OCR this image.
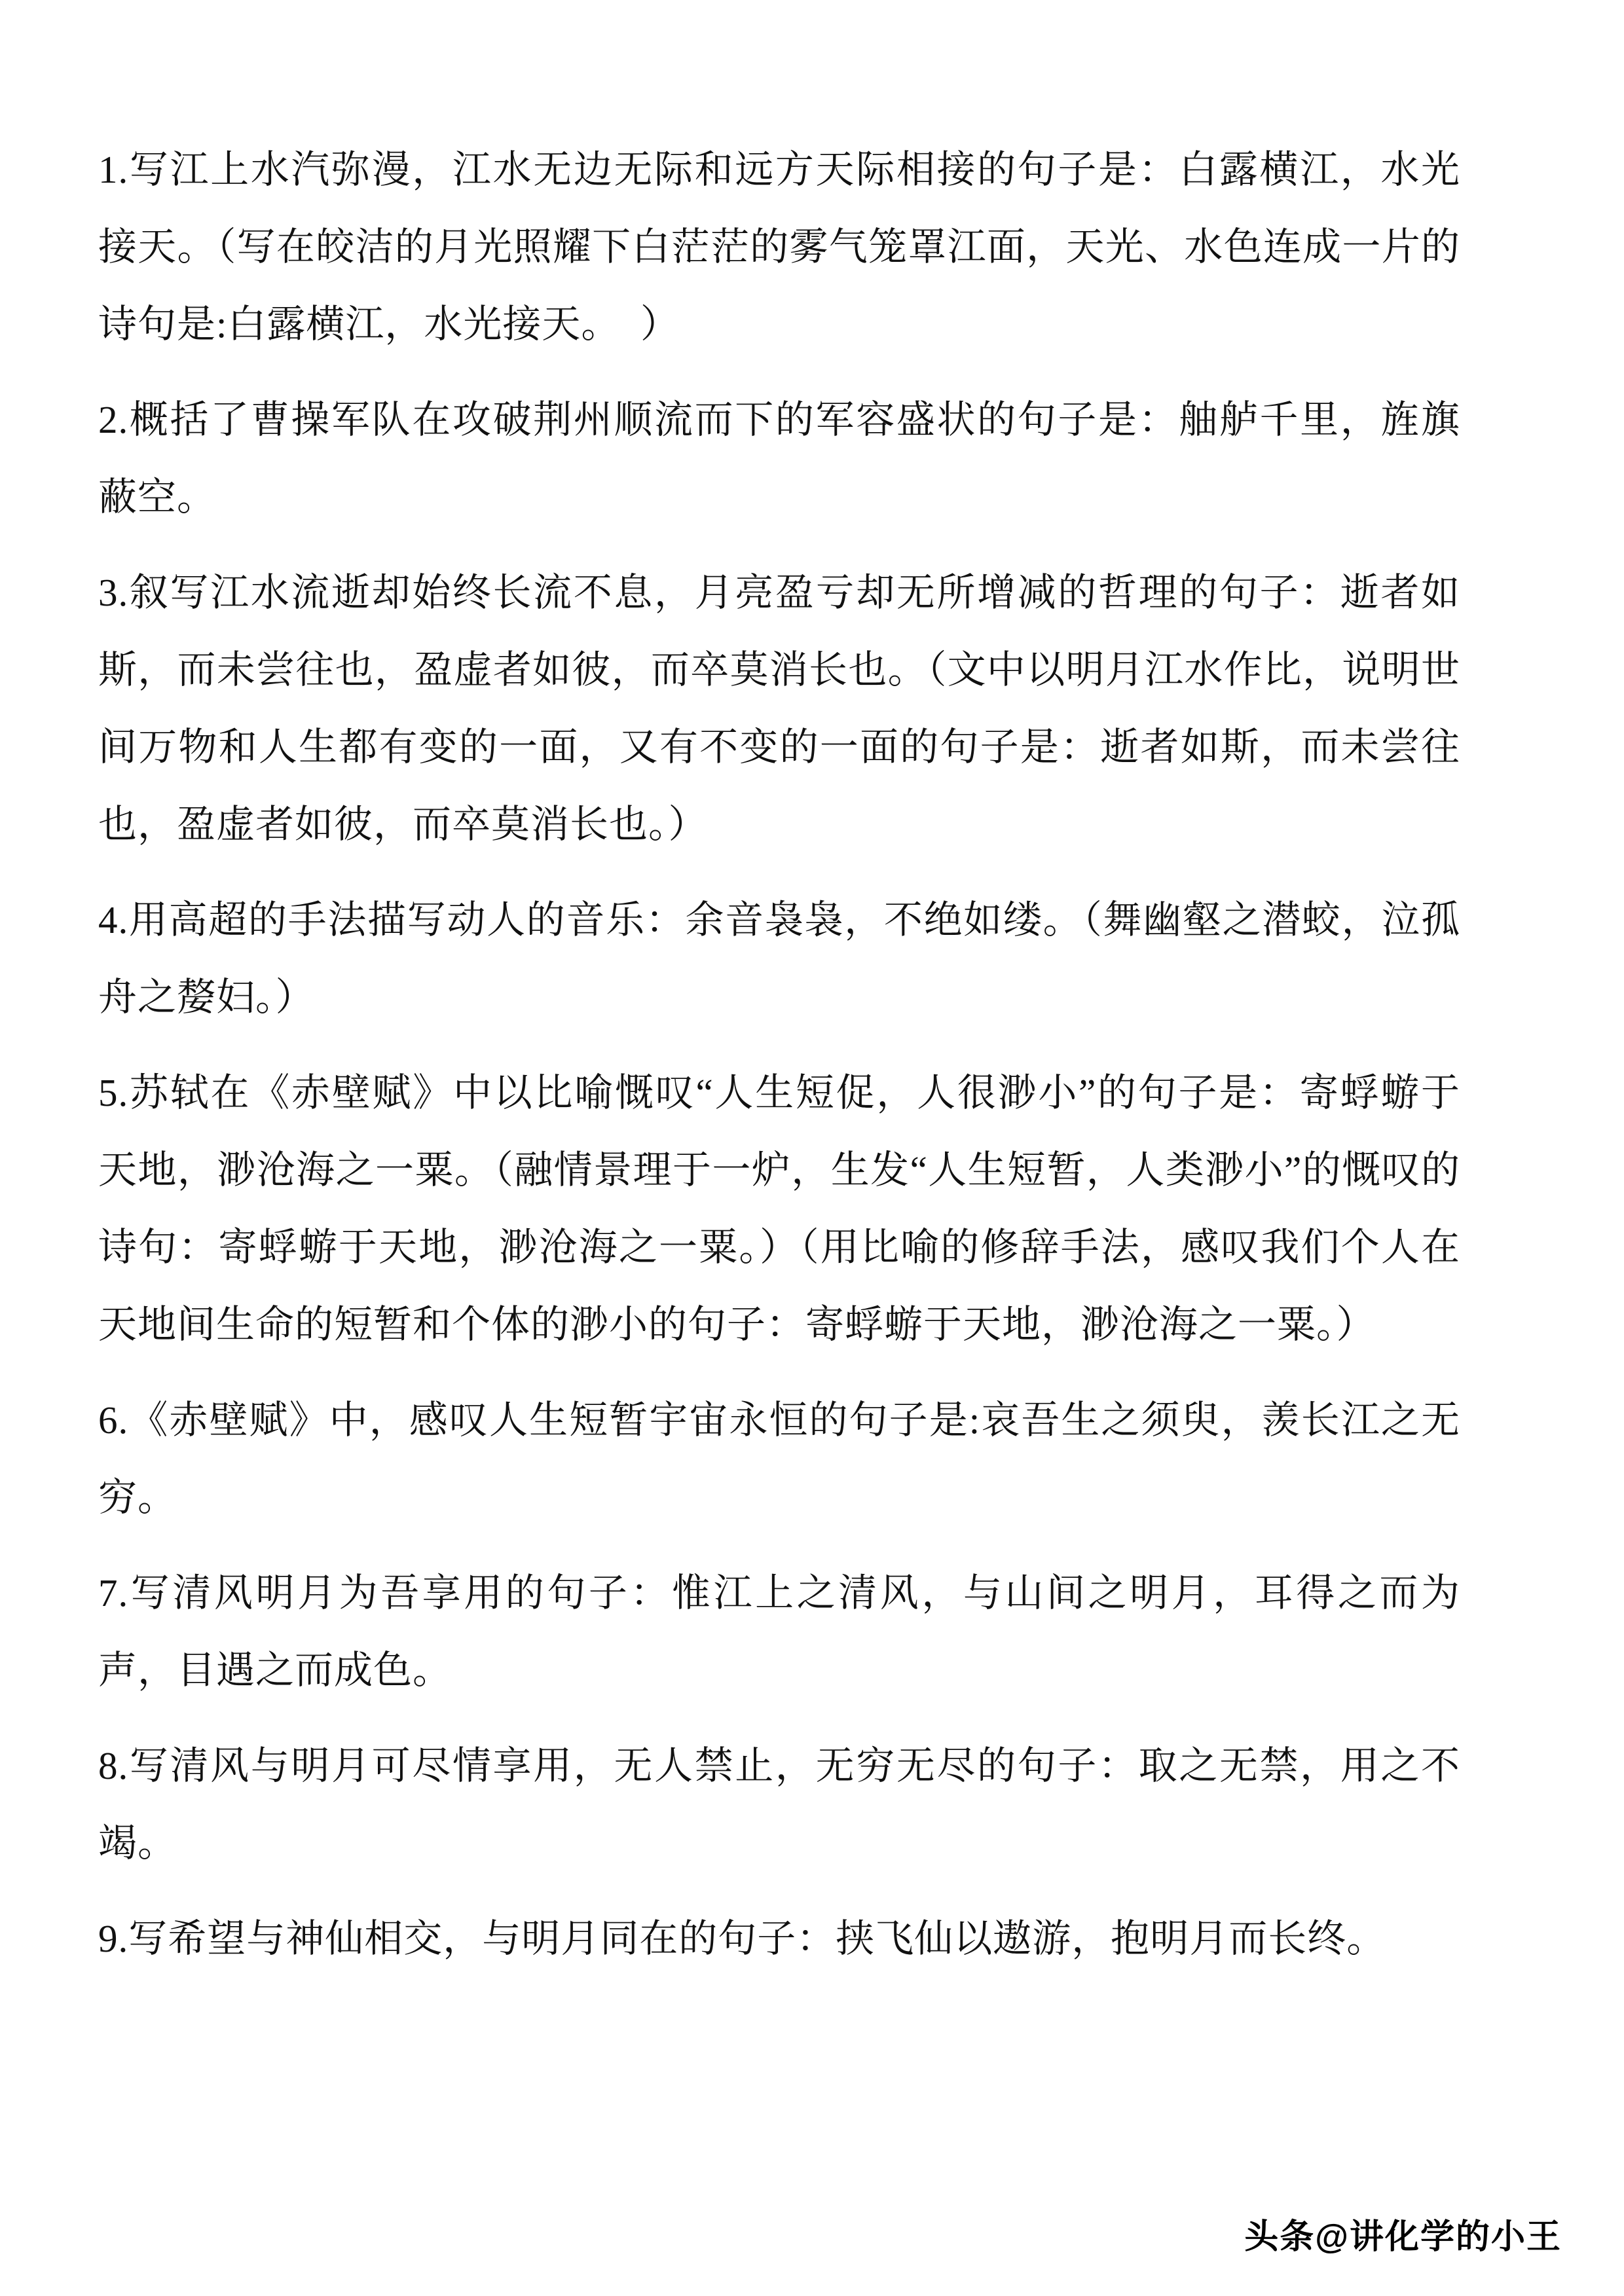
1.写江上水汽弥漫，江水无边无际和远方天际相接的句子是：白露横江，水光接天。（写在皎洁的月光照耀下白茫茫的雾气笼罩江面，天光、水色连成一片的诗句是:白露横江，水光接天。　）

2.概括了曹操军队在攻破荆州顺流而下的军容盛状的句子是：舳舻千里，旌旗蔽空。

3.叙写江水流逝却始终长流不息，月亮盈亏却无所增减的哲理的句子：逝者如斯，而未尝往也，盈虚者如彼，而卒莫消长也。（文中以明月江水作比，说明世间万物和人生都有变的一面，又有不变的一面的句子是：逝者如斯，而未尝往也，盈虚者如彼，而卒莫消长也。）

4.用高超的手法描写动人的音乐：余音袅袅，不绝如缕。（舞幽壑之潜蛟，泣孤舟之嫠妇。）

5.苏轼在《赤壁赋》中以比喻慨叹“人生短促，人很渺小”的句子是：寄蜉蝣于天地，渺沧海之一粟。（融情景理于一炉，生发“人生短暂，人类渺小”的慨叹的诗句：寄蜉蝣于天地，渺沧海之一粟。）（用比喻的修辞手法，感叹我们个人在天地间生命的短暂和个体的渺小的句子：寄蜉蝣于天地，渺沧海之一粟。）

6.《赤壁赋》中，感叹人生短暂宇宙永恒的句子是:哀吾生之须臾，羡长江之无穷。

7.写清风明月为吾享用的句子：惟江上之清风，与山间之明月，耳得之而为声，目遇之而成色。

8.写清风与明月可尽情享用，无人禁止，无穷无尽的句子：取之无禁，用之不竭。

9.写希望与神仙相交，与明月同在的句子：挟飞仙以遨游，抱明月而长终。

头条@讲化学的小王
